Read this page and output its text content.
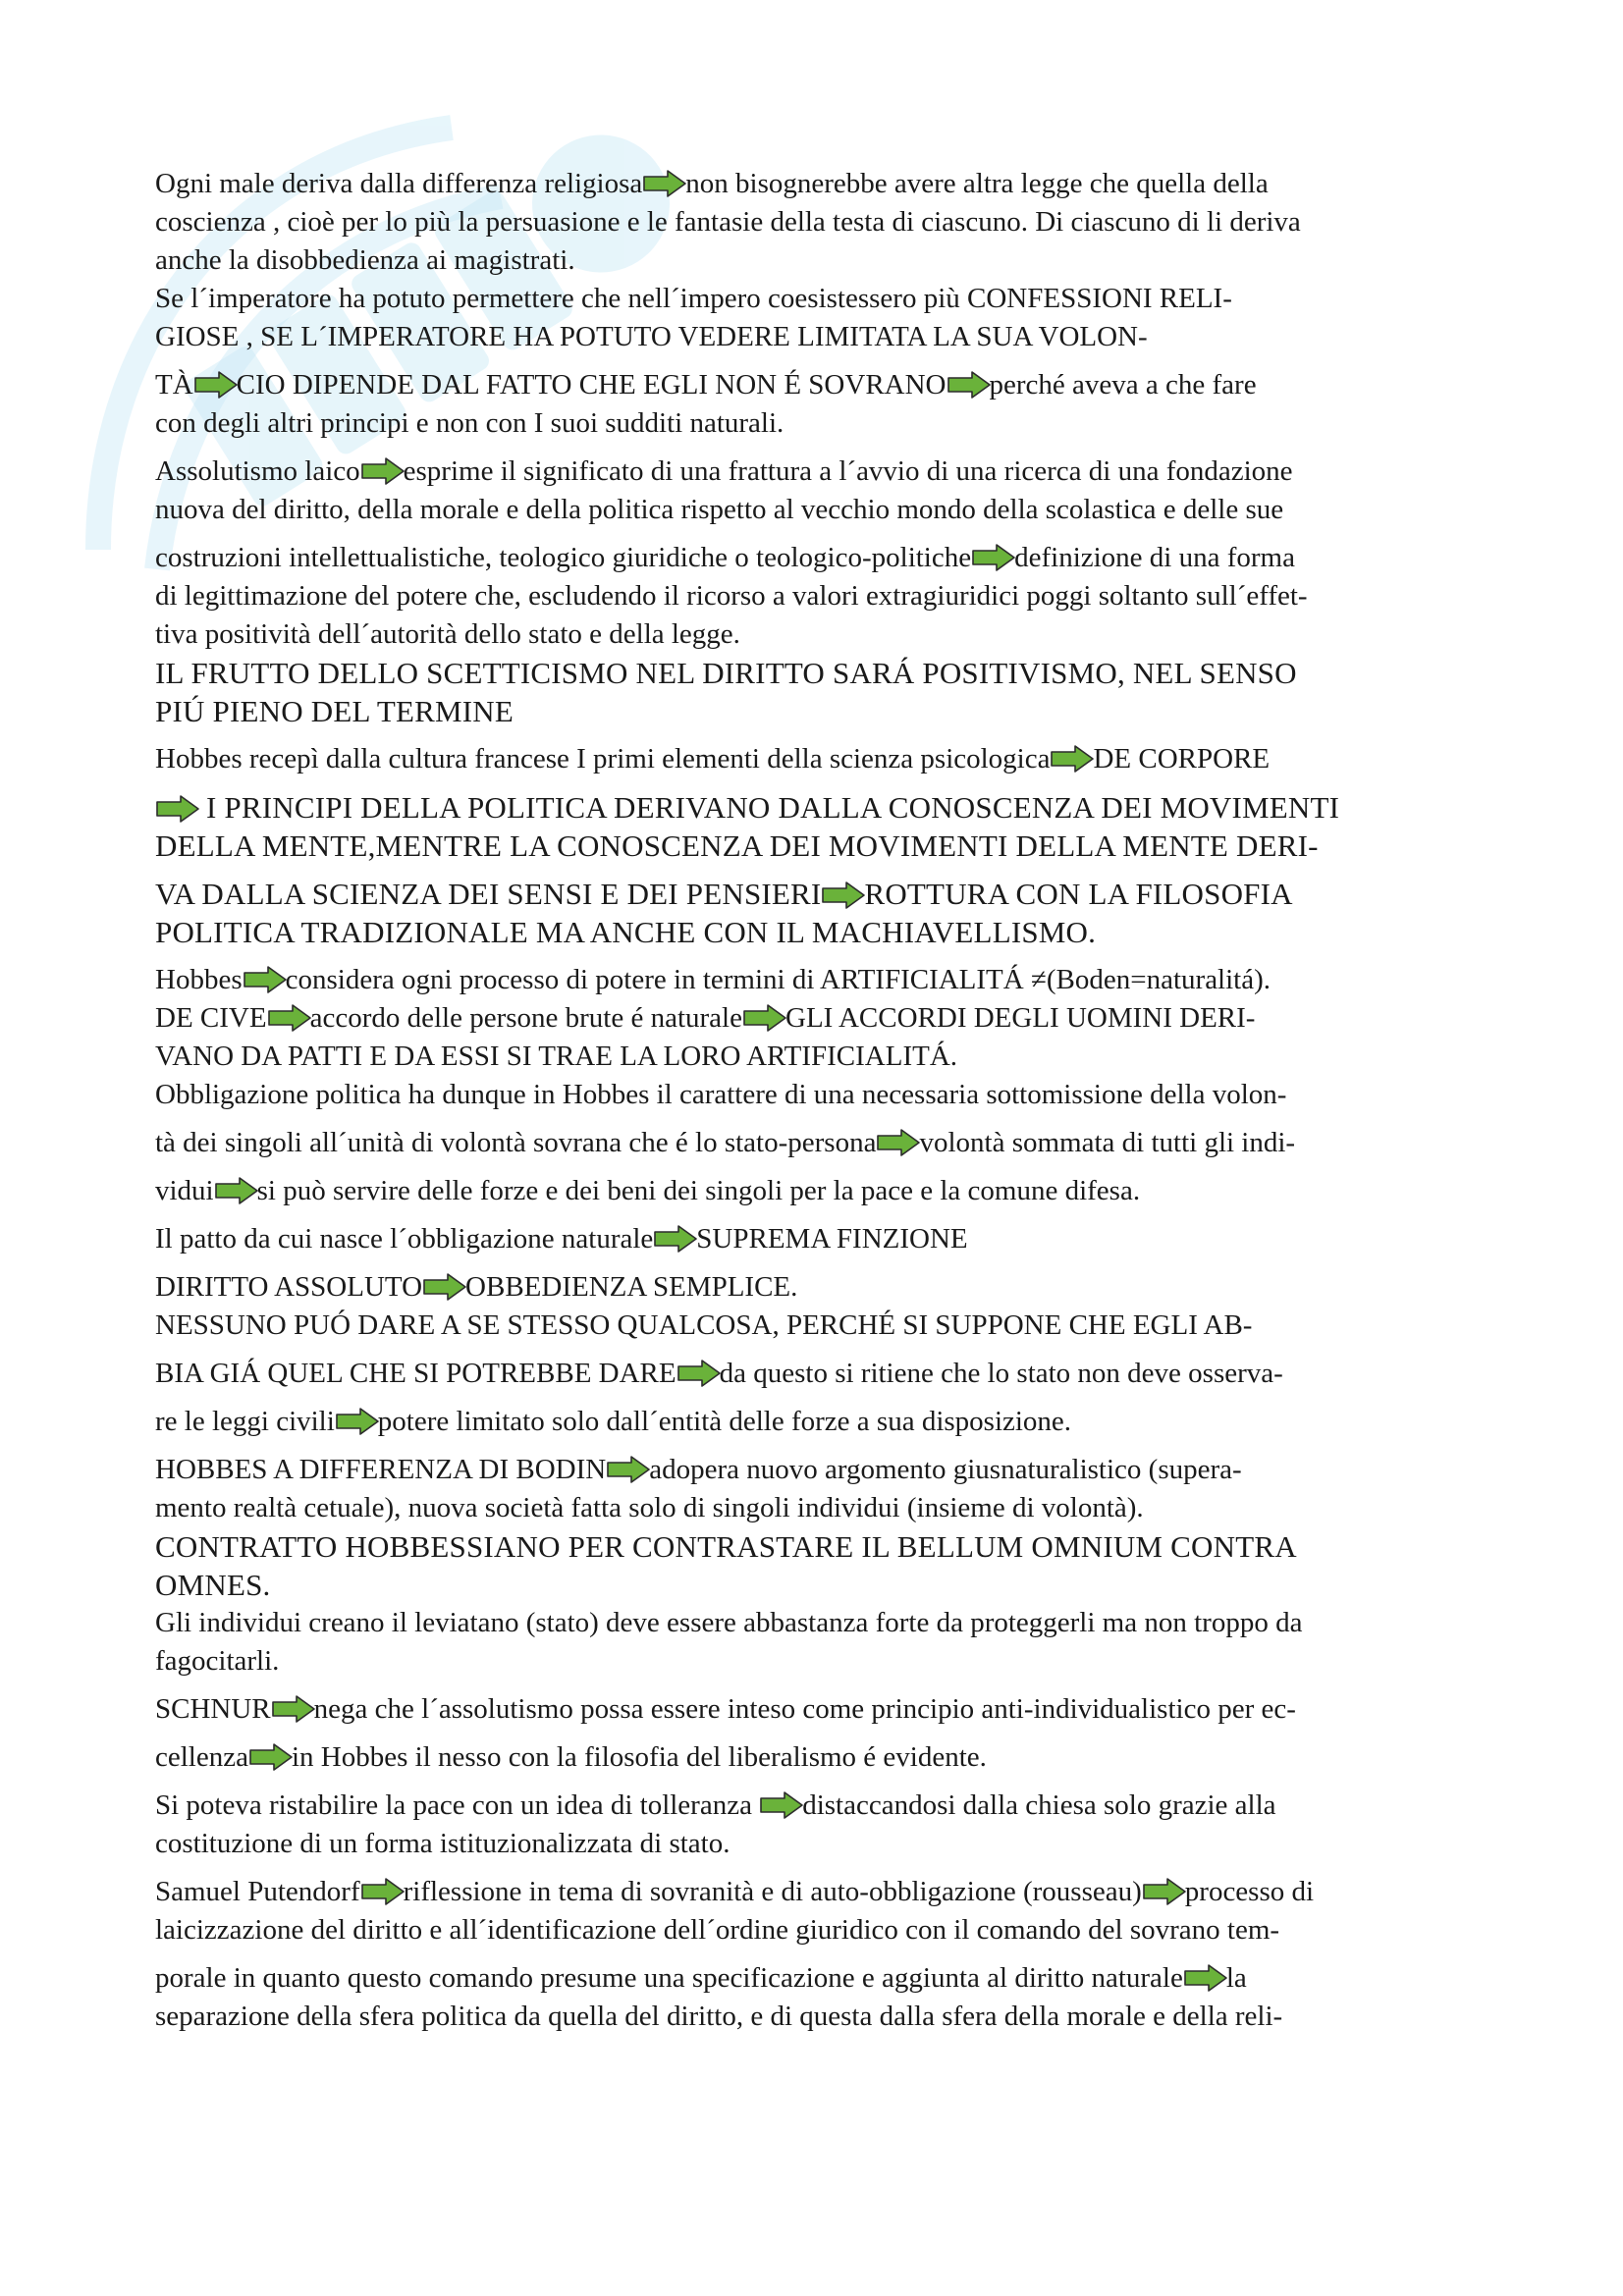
Ogni male deriva dalla differenza religiosa non bisognerebbe avere altra legge che quella della
coscienza , cioè per lo più la persuasione e le fantasie della testa di ciascuno. Di ciascuno di li deriva
anche la disobbedienza ai magistrati.
Se l´imperatore ha potuto permettere che nell´impero coesistessero più CONFESSIONI RELI-
GIOSE , SE L´IMPERATORE HA POTUTO VEDERE LIMITATA LA SUA VOLON-
TÀ CIO DIPENDE DAL FATTO CHE EGLI NON É SOVRANO perché aveva a che fare
con degli altri principi e non con I suoi sudditi naturali.
Assolutismo laico esprime il significato di una frattura a l´avvio di una ricerca di una fondazione
nuova del diritto, della morale e della politica rispetto al vecchio mondo della scolastica e delle sue
costruzioni intellettualistiche, teologico giuridiche o teologico-politiche definizione di una forma
di legittimazione del potere che, escludendo il ricorso a valori extragiuridici poggi soltanto sull´effet-
tiva positività dell´autorità dello stato e della legge.
IL FRUTTO DELLO SCETTICISMO NEL DIRITTO SARÁ POSITIVISMO, NEL SENSO
PIÚ PIENO DEL TERMINE
Hobbes recepì dalla cultura francese I primi elementi della scienza psicologica DE CORPORE
I PRINCIPI DELLA POLITICA DERIVANO DALLA CONOSCENZA DEI MOVIMENTI
DELLA MENTE,MENTRE LA CONOSCENZA DEI MOVIMENTI DELLA MENTE DERI-
VA DALLA SCIENZA DEI SENSI E DEI PENSIERI ROTTURA CON LA FILOSOFIA
POLITICA TRADIZIONALE MA ANCHE CON IL MACHIAVELLISMO.
Hobbes considera ogni processo di potere in termini di ARTIFICIALITÁ ≠(Boden=naturalitá).
DE CIVE accordo delle persone brute é naturale GLI ACCORDI DEGLI UOMINI DERI-
VANO DA PATTI E DA ESSI SI TRAE LA LORO ARTIFICIALITÁ.
Obbligazione politica ha dunque in Hobbes il carattere di una necessaria sottomissione della volon-
tà dei singoli all´unità di volontà sovrana che é lo stato-persona volontà sommata di tutti gli indi-
vidui si può servire delle forze e dei beni dei singoli per la pace e la comune difesa.
Il patto da cui nasce l´obbligazione naturale SUPREMA FINZIONE
DIRITTO ASSOLUTO OBBEDIENZA SEMPLICE.
NESSUNO PUÓ DARE A SE STESSO QUALCOSA, PERCHÉ SI SUPPONE CHE EGLI AB-
BIA GIÁ QUEL CHE SI POTREBBE DARE da questo si ritiene che lo stato non deve osserva-
re le leggi civili potere limitato solo dall´entità delle forze a sua disposizione.
HOBBES A DIFFERENZA DI BODIN adopera nuovo argomento giusnaturalistico (supera-
mento realtà cetuale), nuova società fatta solo di singoli individui (insieme di volontà).
CONTRATTO HOBBESSIANO PER CONTRASTARE IL BELLUM OMNIUM CONTRA
OMNES.
Gli individui creano il leviatano (stato) deve essere abbastanza forte da proteggerli ma non troppo da
fagocitarli.
SCHNUR nega che l´assolutismo possa essere inteso come principio anti-individualistico per ec-
cellenza in Hobbes il nesso con la filosofia del liberalismo é evidente.
Si poteva ristabilire la pace con un idea di tolleranza distaccandosi dalla chiesa solo grazie alla
costituzione di un forma istituzionalizzata di stato.
Samuel Putendorf riflessione in tema di sovranità e di auto-obbligazione (rousseau) processo di
laicizzazione del diritto e all´identificazione dell´ordine giuridico con il comando del sovrano tem-
porale in quanto questo comando presume una specificazione e aggiunta al diritto naturale la
separazione della sfera politica da quella del diritto, e di questa dalla sfera della morale e della reli-
